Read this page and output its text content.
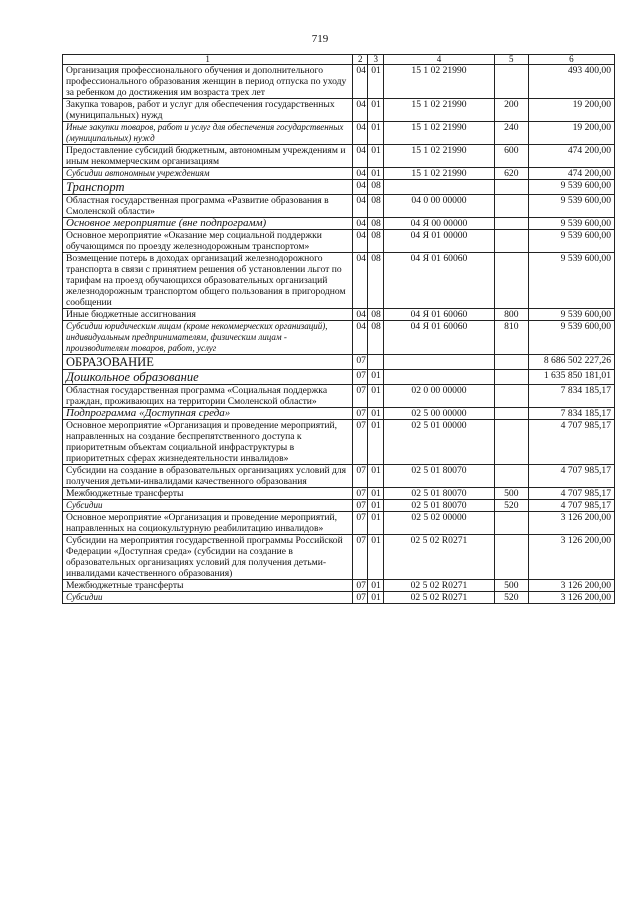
719
1	2	3	4	5	6
Организация профессионального обучения и дополнительного профессионального образования женщин в период отпуска по уходу за ребенком до достижения им возраста трех лет	04	01	15 1 02 21990		493 400,00
Закупка товаров, работ и услуг для обеспечения государственных (муниципальных) нужд	04	01	15 1 02 21990	200	19 200,00
Иные закупки товаров, работ и услуг для обеспечения государственных (муниципальных) нужд	04	01	15 1 02 21990	240	19 200,00
Предоставление субсидий бюджетным, автономным учреждениям и иным некоммерческим организациям	04	01	15 1 02 21990	600	474 200,00
Субсидии автономным учреждениям	04	01	15 1 02 21990	620	474 200,00
Транспорт	04	08			9 539 600,00
Областная государственная программа «Развитие образования в Смоленской области»	04	08	04 0 00 00000		9 539 600,00
Основное мероприятие (вне подпрограмм)	04	08	04 Я 00 00000		9 539 600,00
Основное мероприятие «Оказание мер социальной поддержки обучающимся по проезду железнодорожным транспортом»	04	08	04 Я 01 00000		9 539 600,00
Возмещение потерь в доходах организаций железнодорожного транспорта в связи с принятием решения об установлении льгот по тарифам на проезд обучающихся образовательных организаций железнодорожным транспортом общего пользования в пригородном сообщении	04	08	04 Я 01 60060		9 539 600,00
Иные бюджетные ассигнования	04	08	04 Я 01 60060	800	9 539 600,00
Субсидии юридическим лицам (кроме некоммерческих организаций), индивидуальным предпринимателям, физическим лицам - производителям товаров, работ, услуг	04	08	04 Я 01 60060	810	9 539 600,00
ОБРАЗОВАНИЕ	07				8 686 502 227,26
Дошкольное образование	07	01			1 635 850 181,01
Областная государственная программа «Социальная поддержка граждан, проживающих на территории Смоленской области»	07	01	02 0 00 00000		7 834 185,17
Подпрограмма «Доступная среда»	07	01	02 5 00 00000		7 834 185,17
Основное мероприятие «Организация и проведение мероприятий, направленных на создание беспрепятственного доступа к приоритетным объектам социальной инфраструктуры в приоритетных сферах жизнедеятельности инвалидов»	07	01	02 5 01 00000		4 707 985,17
Субсидии на создание в образовательных организациях условий для получения детьми-инвалидами качественного образования	07	01	02 5 01 80070		4 707 985,17
Межбюджетные трансферты	07	01	02 5 01 80070	500	4 707 985,17
Субсидии	07	01	02 5 01 80070	520	4 707 985,17
Основное мероприятие «Организация и проведение мероприятий, направленных на социокультурную реабилитацию инвалидов»	07	01	02 5 02 00000		3 126 200,00
Субсидии на мероприятия государственной программы Российской Федерации «Доступная среда» (субсидии на создание в образовательных организациях условий для получения детьми-инвалидами качественного образования)	07	01	02 5 02 R0271		3 126 200,00
Межбюджетные трансферты	07	01	02 5 02 R0271	500	3 126 200,00
Субсидии	07	01	02 5 02 R0271	520	3 126 200,00
